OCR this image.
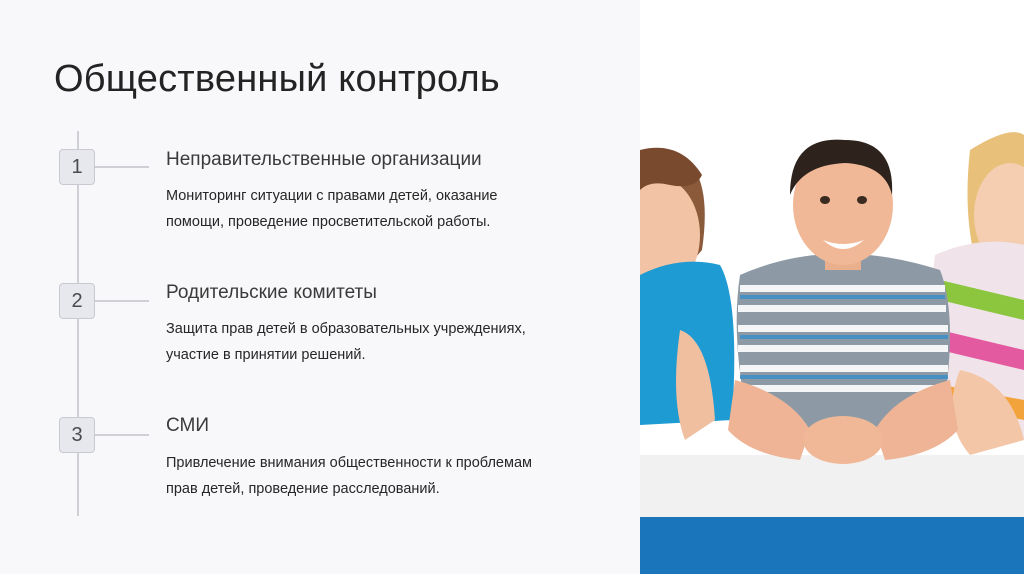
Общественный контроль
1	Неправительственные организации
Мониторинг ситуации с правами детей, оказание
помощи, проведение просветительской работы.
2	Родительские комитеты
Защита прав детей в образовательных учреждениях,
участие в принятии решений.
3	СМИ
Привлечение внимания общественности к проблемам
прав детей, проведение расследований.
